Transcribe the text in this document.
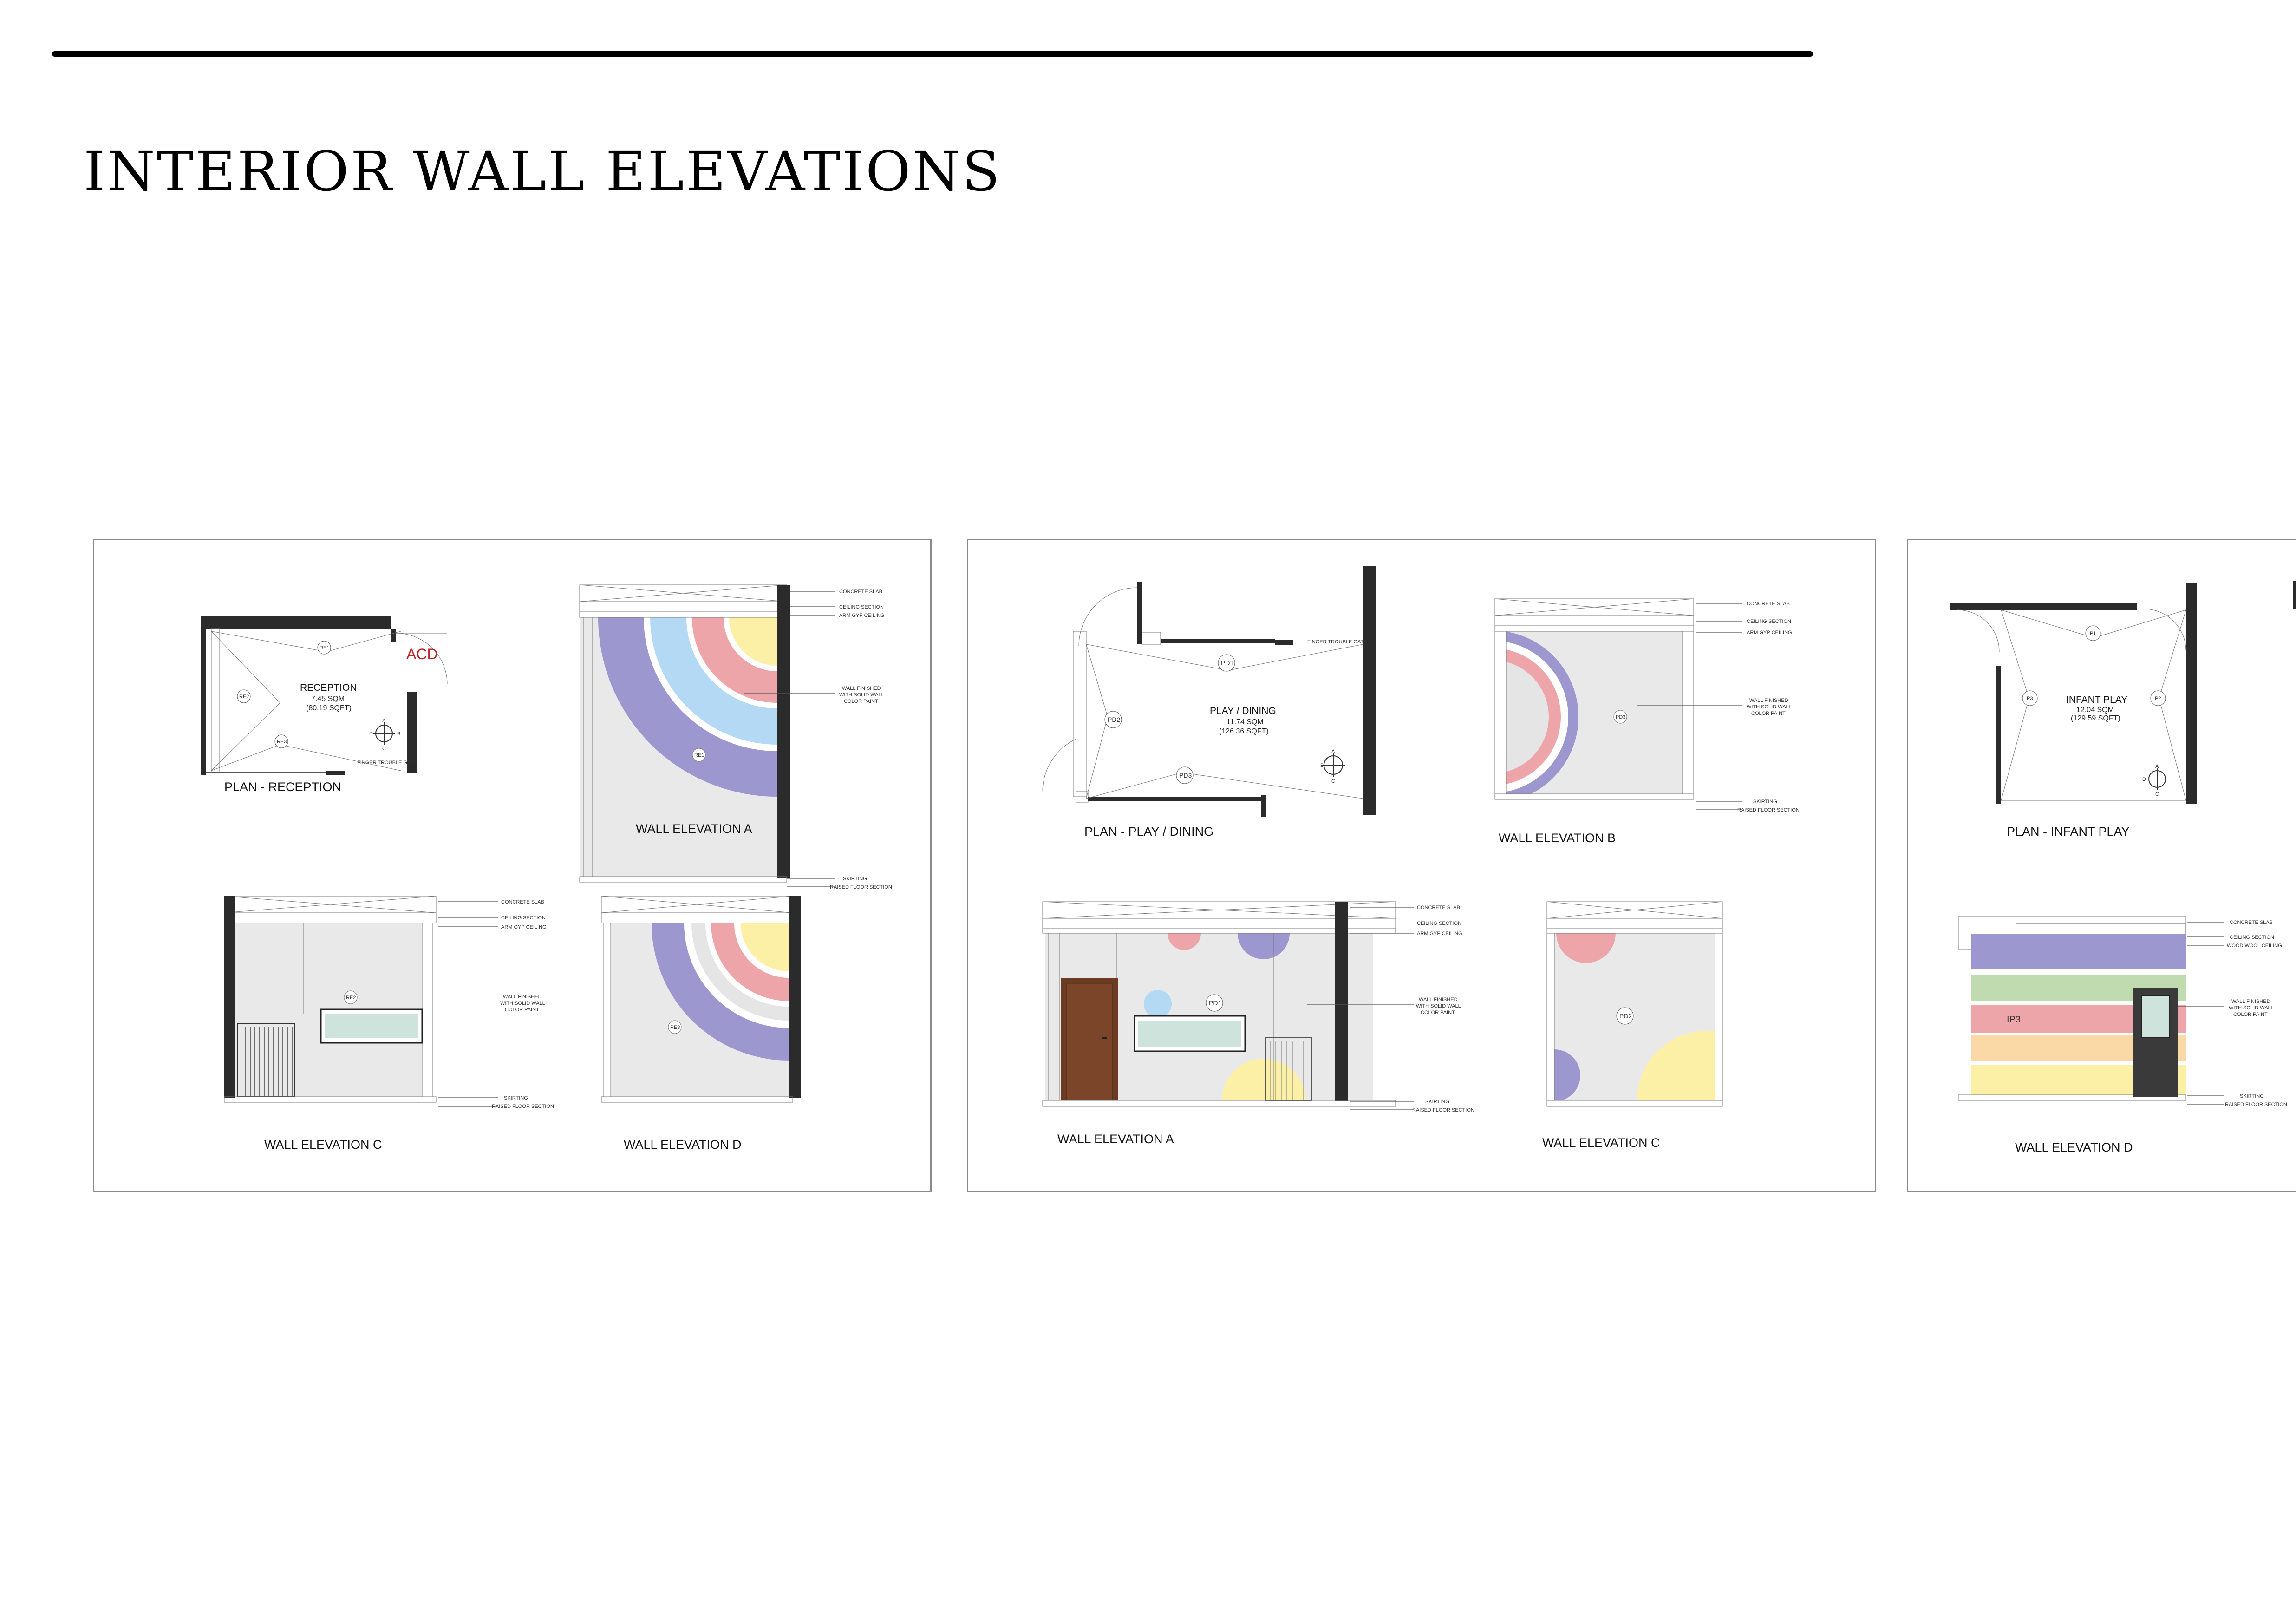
INTERIOR WALL ELEVATIONS
RE1
RE2
RE3
RECEPTION
7.45 SQM
(80.19 SQFT)
ACD
A
B
C
D
FINGER TROUBLE GATE
PLAN - RECEPTION
RE1
CONCRETE SLAB
CEILING SECTION
ARM GYP CEILING
WALL FINISHED
WITH SOLID WALL
COLOR PAINT
SKIRTING
RAISED FLOOR SECTION
WALL ELEVATION A
RE2
CONCRETE SLAB
CEILING SECTION
ARM GYP CEILING
WALL FINISHED
WITH SOLID WALL
COLOR PAINT
SKIRTING
RAISED FLOOR SECTION
WALL ELEVATION C
RE3
WALL ELEVATION D
FINGER TROUBLE GATE
PD1
PD2
PD3
PLAY / DINING
11.74 SQM
(126.36 SQFT)
A
B
C
PLAN - PLAY / DINING
PD3
CONCRETE SLAB
CEILING SECTION
ARM GYP CEILING
WALL FINISHED
WITH SOLID WALL
COLOR PAINT
SKIRTING
RAISED FLOOR SECTION
WALL ELEVATION B
PD1
CONCRETE SLAB
CEILING SECTION
ARM GYP CEILING
WALL FINISHED
WITH SOLID WALL
COLOR PAINT
SKIRTING
RAISED FLOOR SECTION
WALL ELEVATION A
PD2
WALL ELEVATION C
IP1
IP3	IP2
INFANT PLAY
12.04 SQM
(129.59 SQFT)
A
D
C
PLAN - INFANT PLAY
IP3
CONCRETE SLAB
CEILING SECTION
WOOD WOOL CEILING
WALL FINISHED
WITH SOLID WALL
COLOR PAINT
SKIRTING
RAISED FLOOR SECTION
WALL ELEVATION D
